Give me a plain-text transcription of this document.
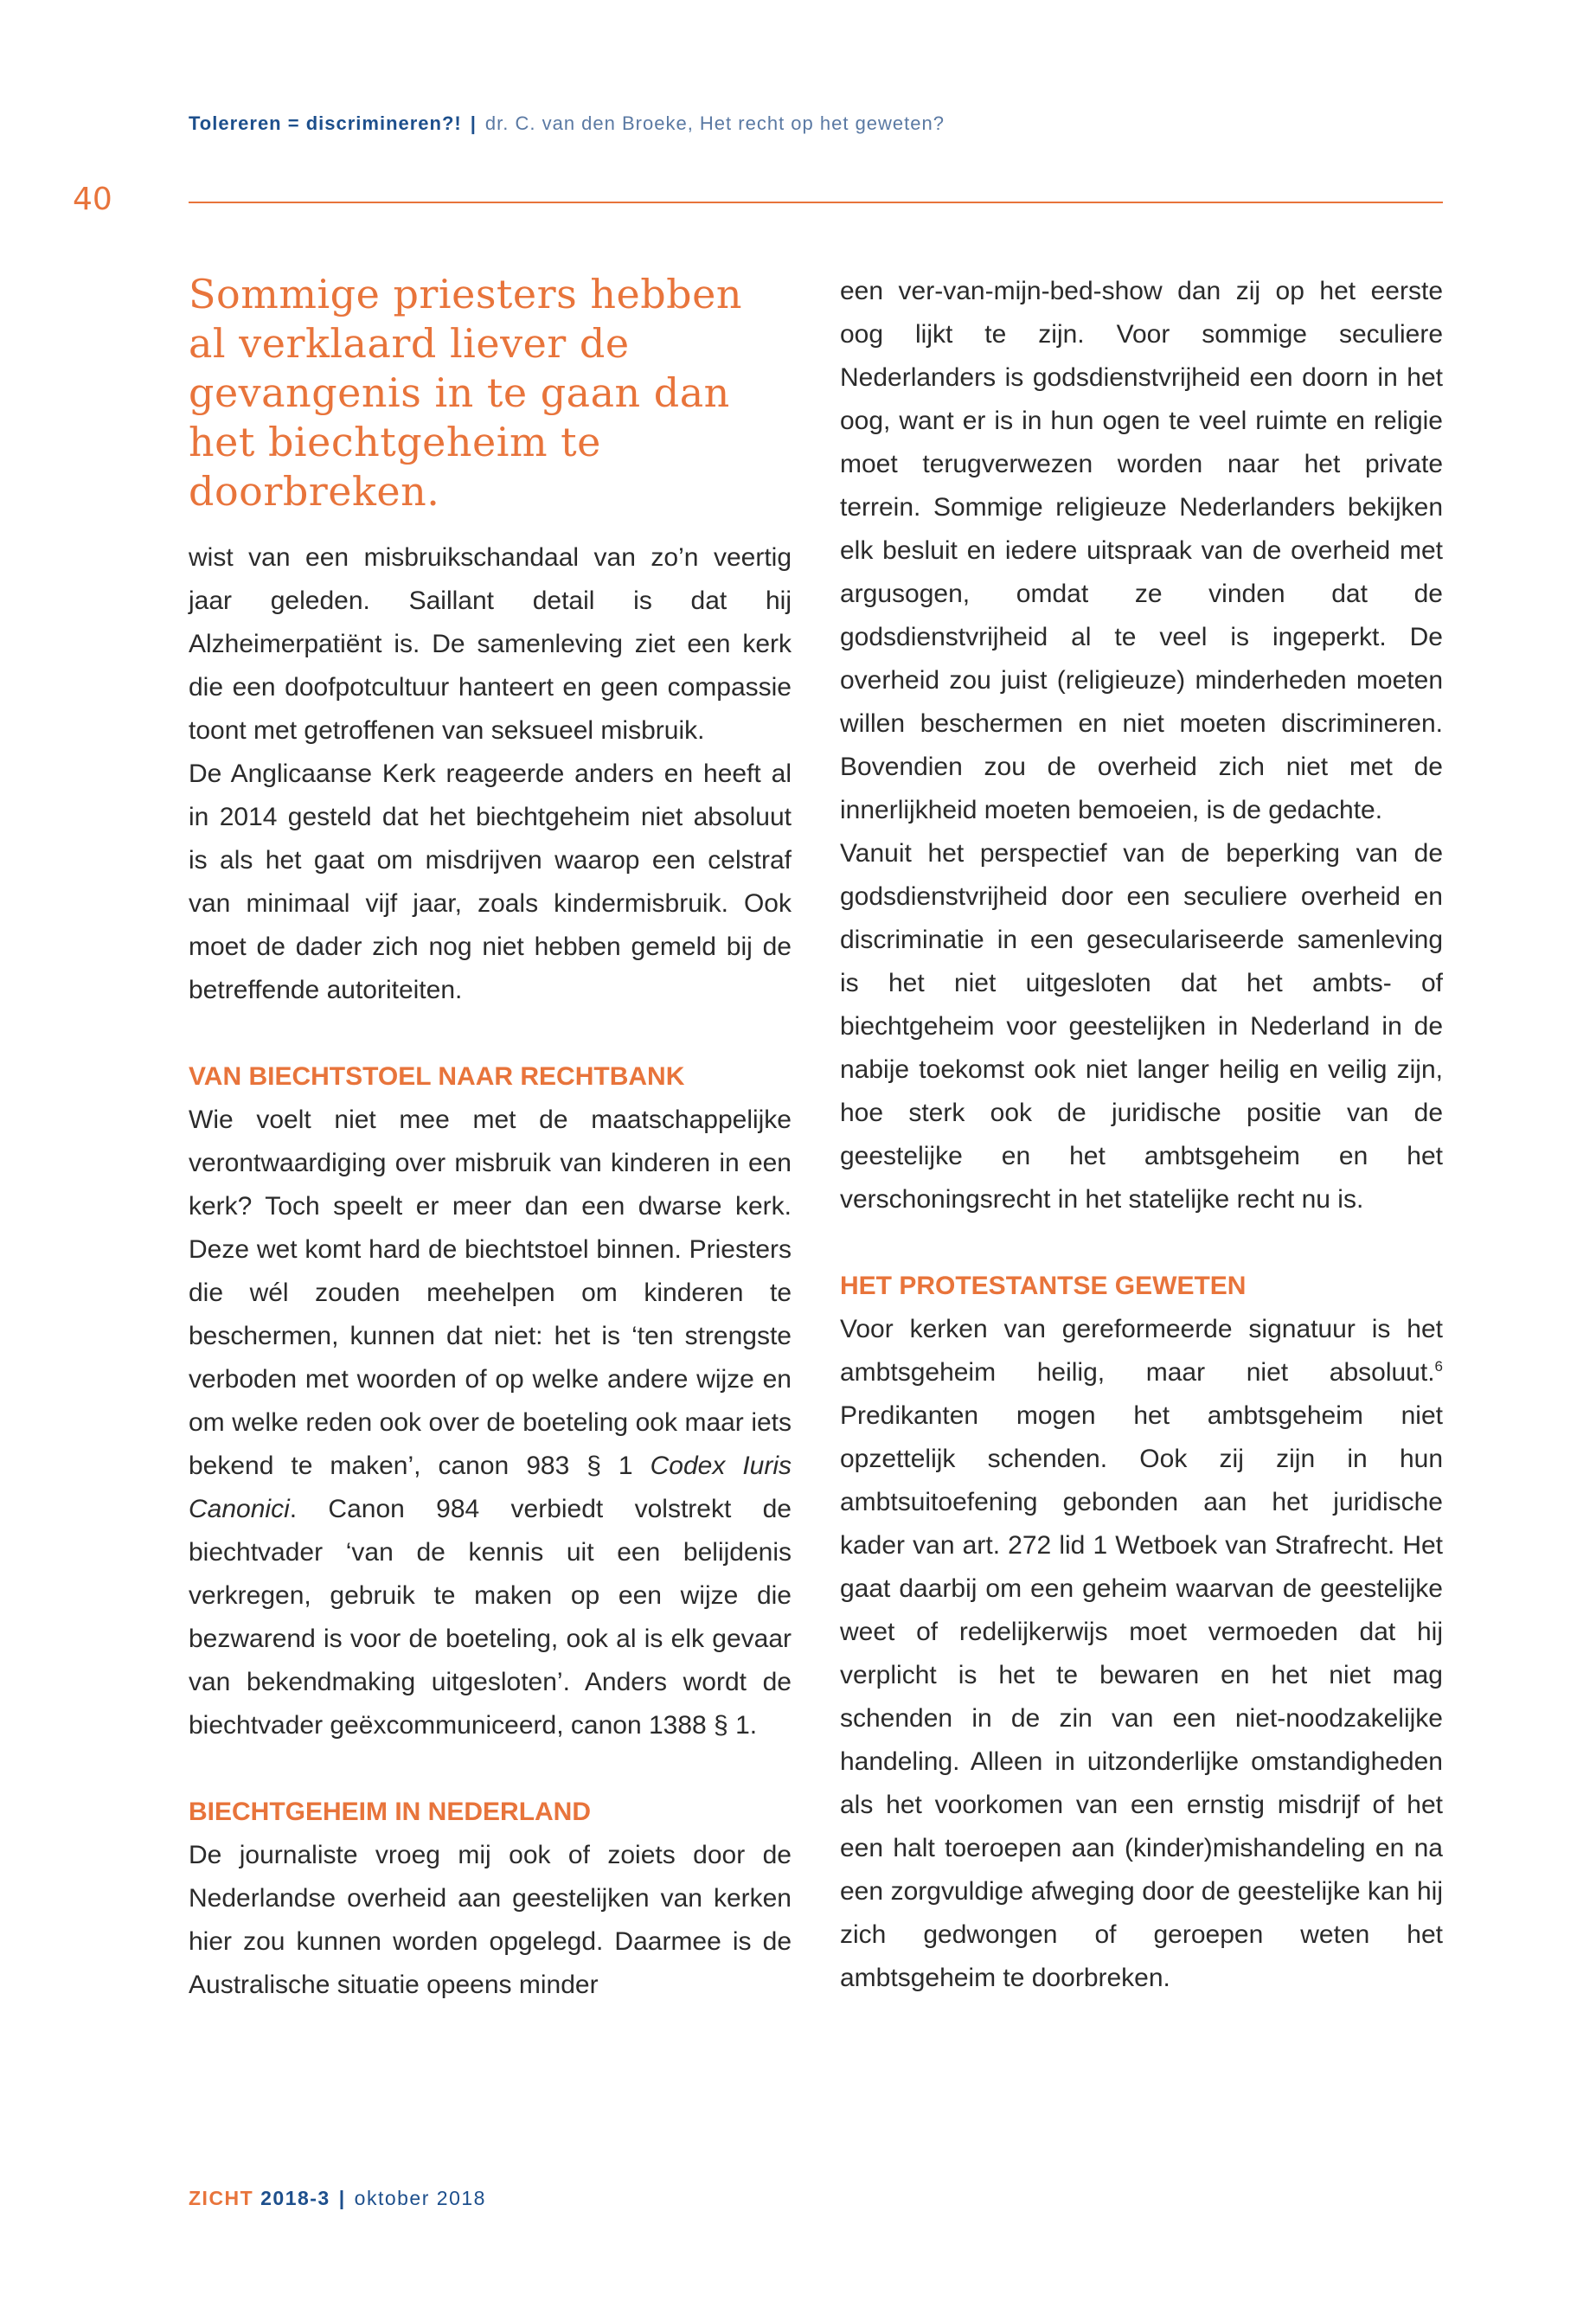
Tolereren = discrimineren?! | dr. C. van den Broeke, Het recht op het geweten?
40
Sommige priesters hebben al verklaard liever de gevangenis in te gaan dan het biechtgeheim te doorbreken.

wist van een misbruikschandaal van zo’n veertig jaar geleden. Saillant detail is dat hij Alzheimerpatiënt is. De samenleving ziet een kerk die een doofpotcultuur hanteert en geen compassie toont met getroffenen van seksueel misbruik.

De Anglicaanse Kerk reageerde anders en heeft al in 2014 gesteld dat het biechtgeheim niet absoluut is als het gaat om misdrijven waarop een celstraf van minimaal vijf jaar, zoals kindermisbruik. Ook moet de dader zich nog niet hebben gemeld bij de betreffende autoriteiten.

VAN BIECHTSTOEL NAAR RECHTBANK

Wie voelt niet mee met de maatschappelijke verontwaardiging over misbruik van kinderen in een kerk? Toch speelt er meer dan een dwarse kerk. Deze wet komt hard de biechtstoel binnen. Priesters die wél zouden meehelpen om kinderen te beschermen, kunnen dat niet: het is ‘ten strengste verboden met woorden of op welke andere wijze en om welke reden ook over de boeteling ook maar iets bekend te maken’, canon 983 § 1 Codex Iuris Canonici. Canon 984 verbiedt volstrekt de biechtvader ‘van de kennis uit een belijdenis verkregen, gebruik te maken op een wijze die bezwarend is voor de boeteling, ook al is elk gevaar van bekendmaking uitgesloten’. Anders wordt de biechtvader geëxcommuniceerd, canon 1388 § 1.

BIECHTGEHEIM IN NEDERLAND

De journaliste vroeg mij ook of zoiets door de Nederlandse overheid aan geestelijken van kerken hier zou kunnen worden opgelegd. Daarmee is de Australische situatie opeens minder

een ver-van-mijn-bed-show dan zij op het eerste oog lijkt te zijn. Voor sommige seculiere Nederlanders is godsdienstvrijheid een doorn in het oog, want er is in hun ogen te veel ruimte en religie moet terugverwezen worden naar het private terrein. Sommige religieuze Nederlanders bekijken elk besluit en iedere uitspraak van de overheid met argusogen, omdat ze vinden dat de godsdienstvrijheid al te veel is ingeperkt. De overheid zou juist (religieuze) minderheden moeten willen beschermen en niet moeten discrimineren. Bovendien zou de overheid zich niet met de innerlijkheid moeten bemoeien, is de gedachte.

Vanuit het perspectief van de beperking van de godsdienstvrijheid door een seculiere overheid en discriminatie in een geseculariseerde samenleving is het niet uitgesloten dat het ambts- of biechtgeheim voor geestelijken in Nederland in de nabije toekomst ook niet langer heilig en veilig zijn, hoe sterk ook de juridische positie van de geestelijke en het ambtsgeheim en het verschoningsrecht in het statelijke recht nu is.

HET PROTESTANTSE GEWETEN

Voor kerken van gereformeerde signatuur is het ambtsgeheim heilig, maar niet absoluut.$^6$ Predikanten mogen het ambtsgeheim niet opzettelijk schenden. Ook zij zijn in hun ambtsuitoefening gebonden aan het juridische kader van art. 272 lid 1 Wetboek van Strafrecht. Het gaat daarbij om een geheim waarvan de geestelijke weet of redelijkerwijs moet vermoeden dat hij verplicht is het te bewaren en het niet mag schenden in de zin van een niet-noodzakelijke handeling. Alleen in uitzonderlijke omstandigheden als het voorkomen van een ernstig misdrijf of het een halt toeroepen aan (kinder)mishandeling en na een zorgvuldige afweging door de geestelijke kan hij zich gedwongen of geroepen weten het ambtsgeheim te doorbreken.

ZICHT 2018-3 | oktober 2018
